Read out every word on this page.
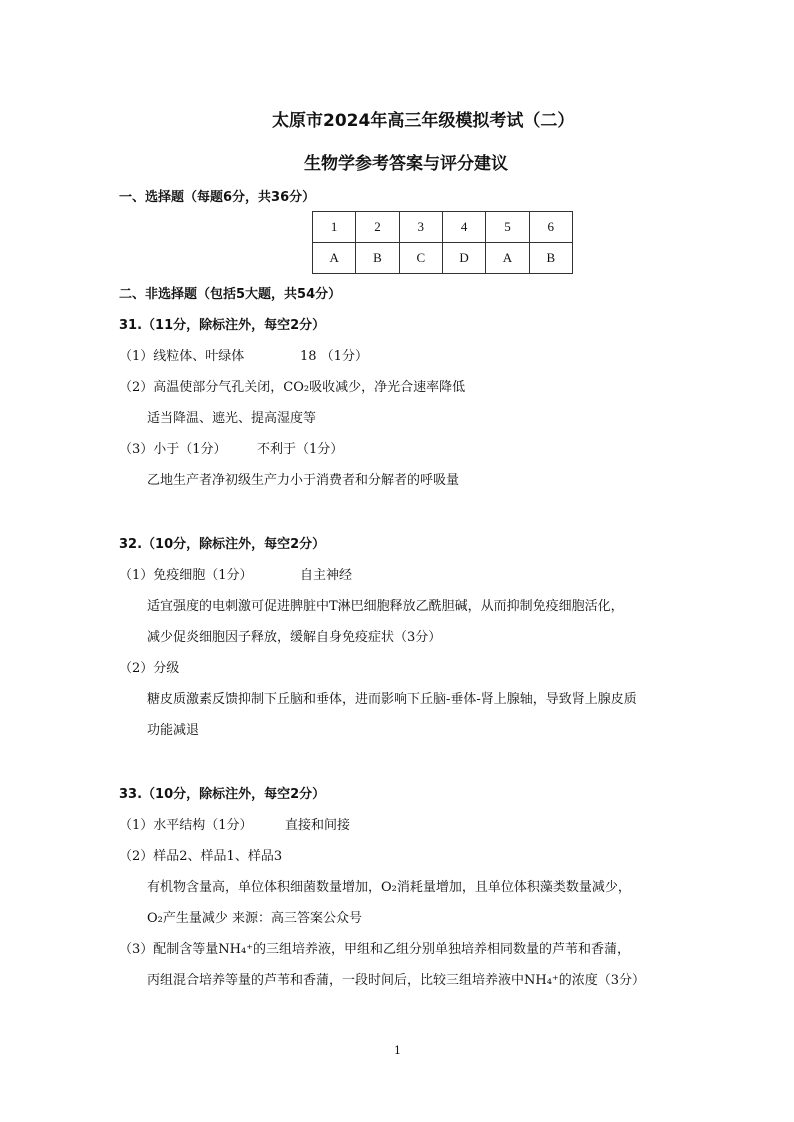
太原市2024年高三年级模拟考试（二）
生物学参考答案与评分建议
一、选择题（每题6分，共36分）
1	2	3	4	5	6
A	B	C	D	A	B
二、非选择题（包括5大题，共54分）
31.（11分，除标注外，每空2分）
（1）线粒体、叶绿体	18 （1分）
（2）高温使部分气孔关闭，CO₂吸收减少，净光合速率降低
适当降温、遮光、提高湿度等
（3）小于（1分） 不利于（1分）
乙地生产者净初级生产力小于消费者和分解者的呼吸量
32.（10分，除标注外，每空2分）
（1）免疫细胞（1分）	自主神经
适宜强度的电刺激可促进脾脏中T淋巴细胞释放乙酰胆碱，从而抑制免疫细胞活化，
减少促炎细胞因子释放，缓解自身免疫症状（3分）
（2）分级
糖皮质激素反馈抑制下丘脑和垂体，进而影响下丘脑-垂体-肾上腺轴，导致肾上腺皮质
功能减退
33.（10分，除标注外，每空2分）
（1）水平结构（1分） 直接和间接
（2）样品2、样品1、样品3
有机物含量高，单位体积细菌数量增加，O₂消耗量增加，且单位体积藻类数量减少，
O₂产生量减少 来源：高三答案公众号
（3）配制含等量NH₄⁺的三组培养液，甲组和乙组分别单独培养相同数量的芦苇和香蒲，
丙组混合培养等量的芦苇和香蒲，一段时间后，比较三组培养液中NH₄⁺的浓度（3分）
1
